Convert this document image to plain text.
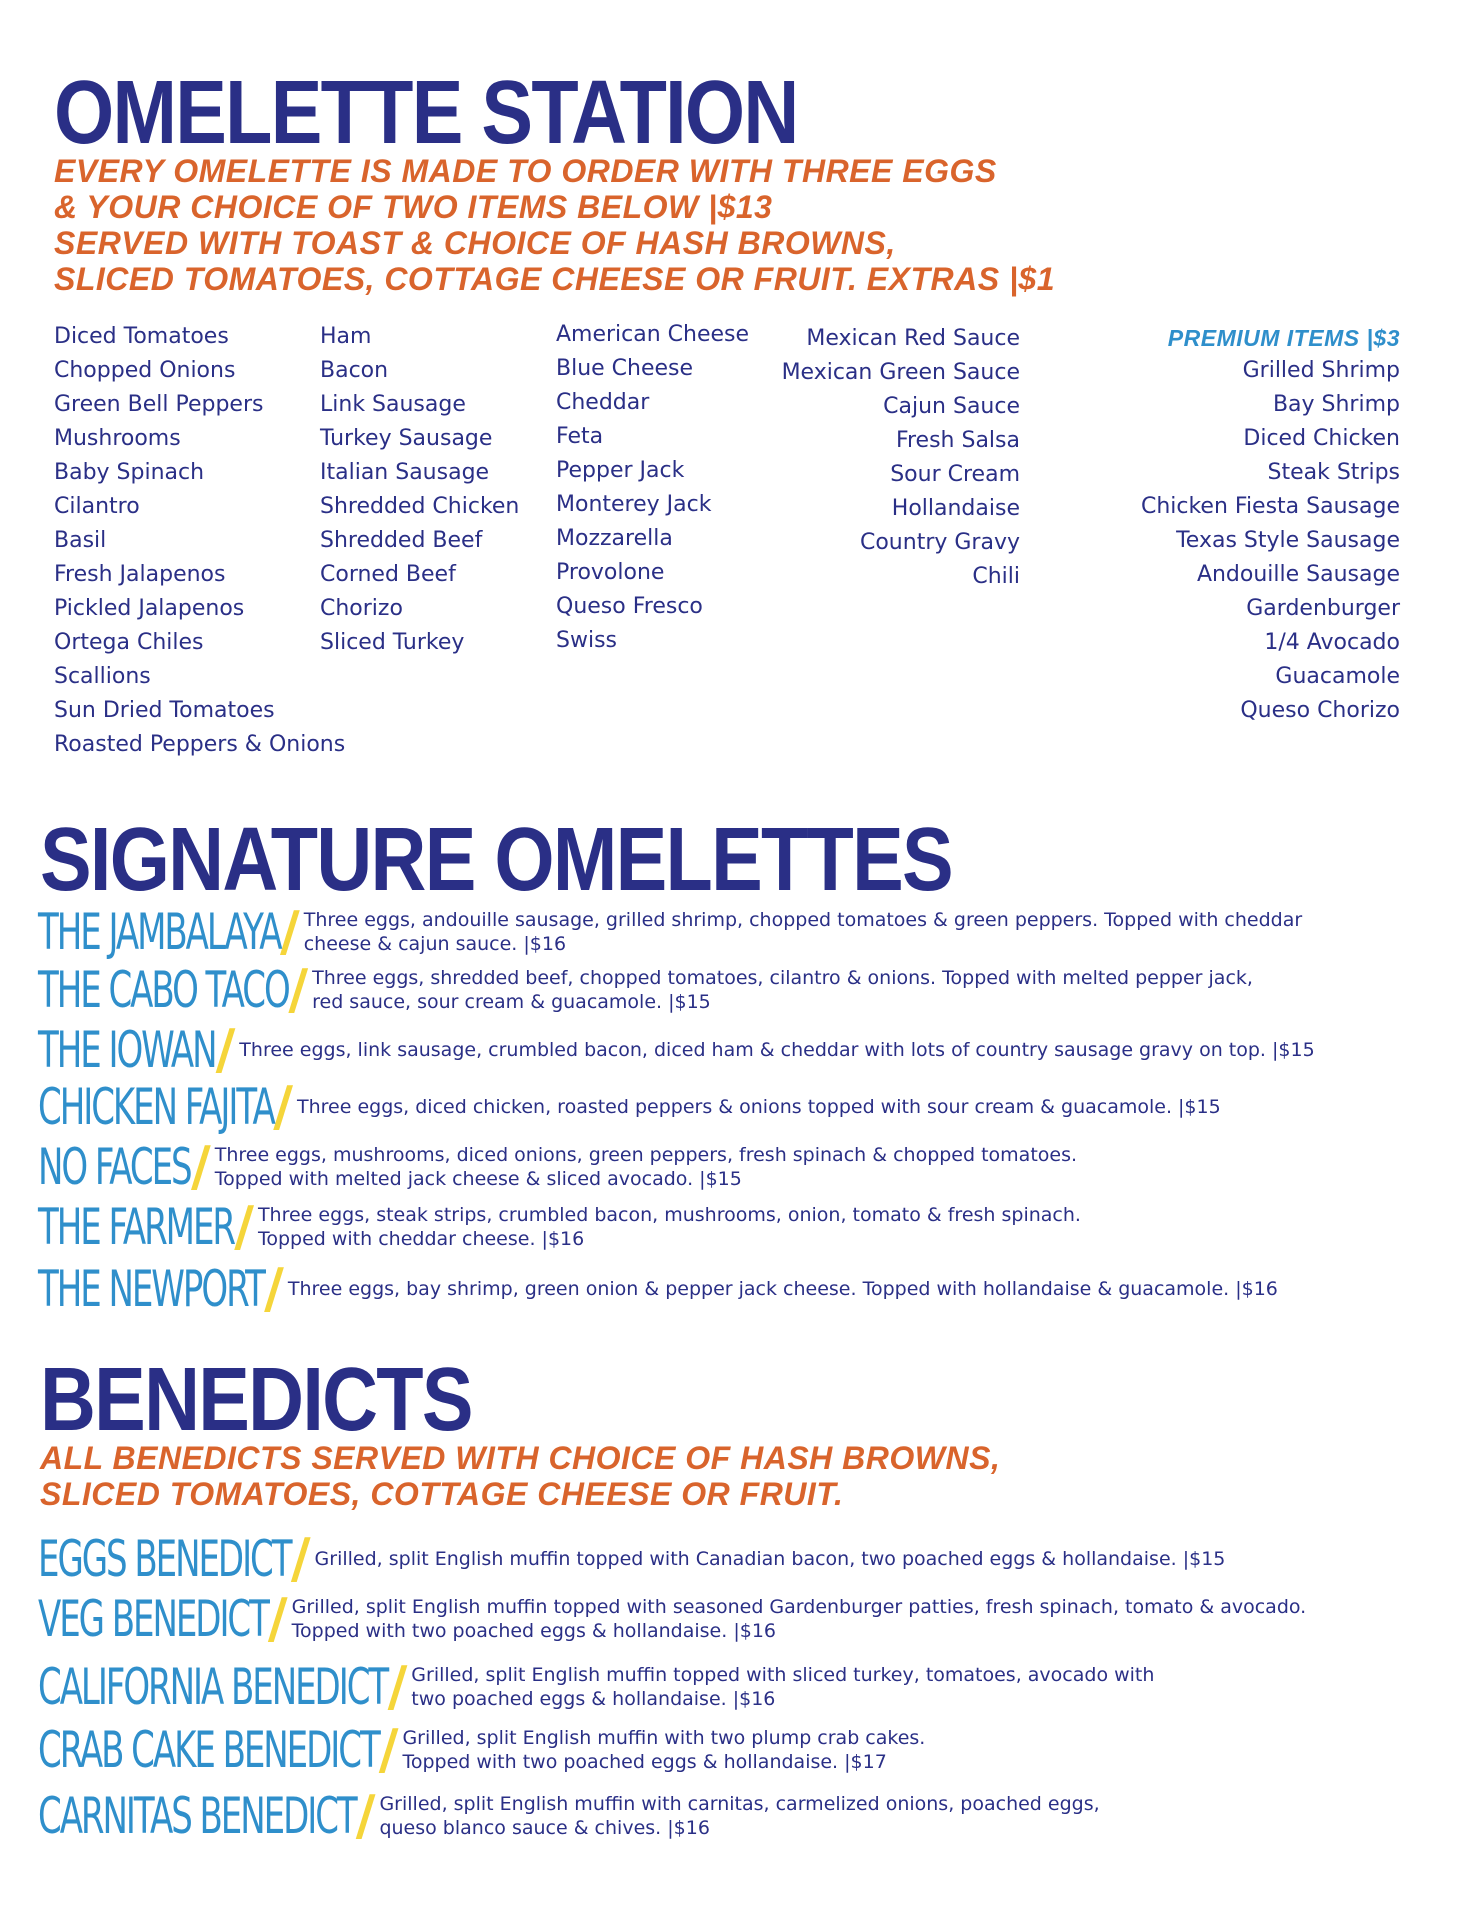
OMELETTE STATION
EVERY OMELETTE IS MADE TO ORDER WITH THREE EGGS
& YOUR CHOICE OF TWO ITEMS BELOW |$13
SERVED WITH TOAST & CHOICE OF HASH BROWNS,
SLICED TOMATOES, COTTAGE CHEESE OR FRUIT. EXTRAS |$1
Diced Tomatoes
Chopped Onions
Green Bell Peppers
Mushrooms
Baby Spinach
Cilantro
Basil
Fresh Jalapenos
Pickled Jalapenos
Ortega Chiles
Scallions
Sun Dried Tomatoes
Roasted Peppers & Onions
Ham
Bacon
Link Sausage
Turkey Sausage
Italian Sausage
Shredded Chicken
Shredded Beef
Corned Beef
Chorizo
Sliced Turkey
American Cheese
Blue Cheese
Cheddar
Feta
Pepper Jack
Monterey Jack
Mozzarella
Provolone
Queso Fresco
Swiss
Mexican Red Sauce
Mexican Green Sauce
Cajun Sauce
Fresh Salsa
Sour Cream
Hollandaise
Country Gravy
Chili
PREMIUM ITEMS |$3
Grilled Shrimp
Bay Shrimp
Diced Chicken
Steak Strips
Chicken Fiesta Sausage
Texas Style Sausage
Andouille Sausage
Gardenburger
1/4 Avocado
Guacamole
Queso Chorizo
SIGNATURE OMELETTES
THE JAMBALAYA / Three eggs, andouille sausage, grilled shrimp, chopped tomatoes & green peppers. Topped with cheddar
cheese & cajun sauce. |$16
THE CABO TACO / Three eggs, shredded beef, chopped tomatoes, cilantro & onions. Topped with melted pepper jack,
red sauce, sour cream & guacamole. |$15
THE IOWAN / Three eggs, link sausage, crumbled bacon, diced ham & cheddar with lots of country sausage gravy on top. |$15
CHICKEN FAJITA / Three eggs, diced chicken, roasted peppers & onions topped with sour cream & guacamole. |$15
NO FACES / Three eggs, mushrooms, diced onions, green peppers, fresh spinach & chopped tomatoes.
Topped with melted jack cheese & sliced avocado. |$15
THE FARMER / Three eggs, steak strips, crumbled bacon, mushrooms, onion, tomato & fresh spinach.
Topped with cheddar cheese. |$16
THE NEWPORT / Three eggs, bay shrimp, green onion & pepper jack cheese. Topped with hollandaise & guacamole. |$16
BENEDICTS
ALL BENEDICTS SERVED WITH CHOICE OF HASH BROWNS,
SLICED TOMATOES, COTTAGE CHEESE OR FRUIT.
EGGS BENEDICT / Grilled, split English muffin topped with Canadian bacon, two poached eggs & hollandaise. |$15
VEG BENEDICT / Grilled, split English muffin topped with seasoned Gardenburger patties, fresh spinach, tomato & avocado.
Topped with two poached eggs & hollandaise. |$16
CALIFORNIA BENEDICT / Grilled, split English muffin topped with sliced turkey, tomatoes, avocado with
two poached eggs & hollandaise. |$16
CRAB CAKE BENEDICT / Grilled, split English muffin with two plump crab cakes.
Topped with two poached eggs & hollandaise. |$17
CARNITAS BENEDICT / Grilled, split English muffin with carnitas, carmelized onions, poached eggs,
queso blanco sauce & chives. |$16
